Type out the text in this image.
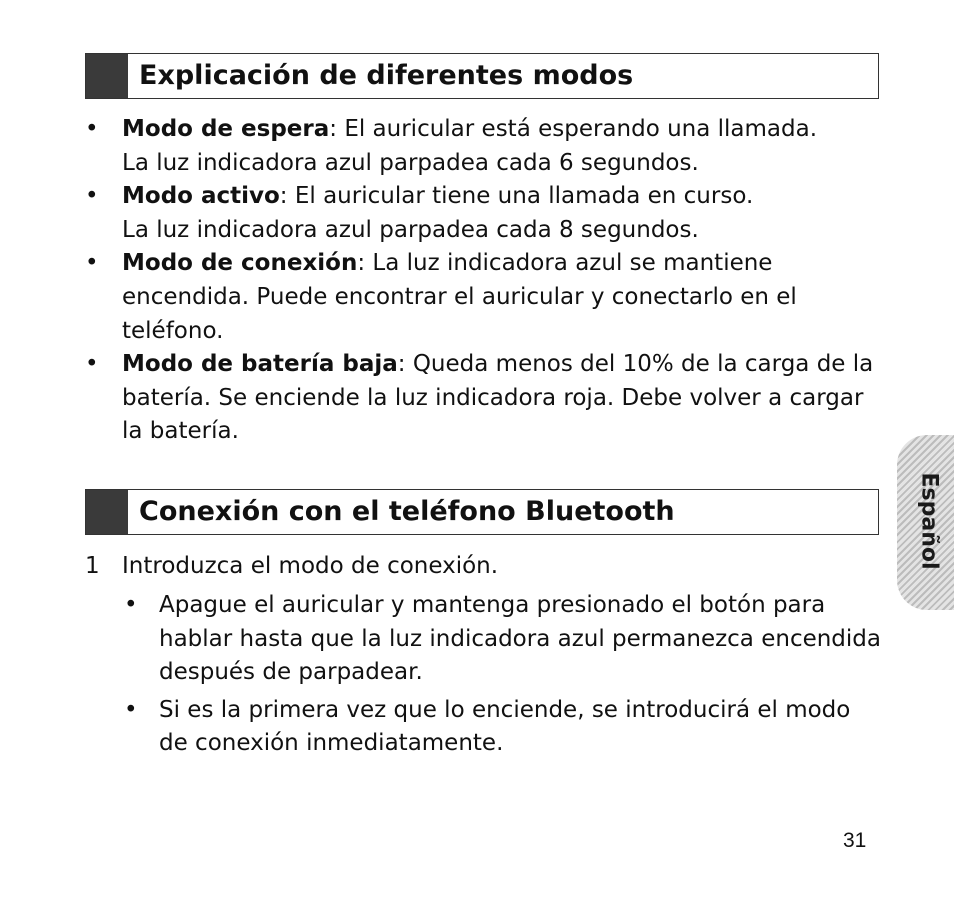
Explicación de diferentes modos
• Modo de espera: El auricular está esperando una llamada.
La luz indicadora azul parpadea cada 6 segundos.
• Modo activo: El auricular tiene una llamada en curso.
La luz indicadora azul parpadea cada 8 segundos.
• Modo de conexión: La luz indicadora azul se mantiene encendida. Puede encontrar el auricular y conectarlo en el teléfono.
• Modo de batería baja: Queda menos del 10% de la carga de la batería. Se enciende la luz indicadora roja. Debe volver a cargar la batería.
Conexión con el teléfono Bluetooth
1 Introduzca el modo de conexión.
• Apague el auricular y mantenga presionado el botón para hablar hasta que la luz indicadora azul permanezca encendida después de parpadear.
• Si es la primera vez que lo enciende, se introducirá el modo de conexión inmediatamente.
Español
31
